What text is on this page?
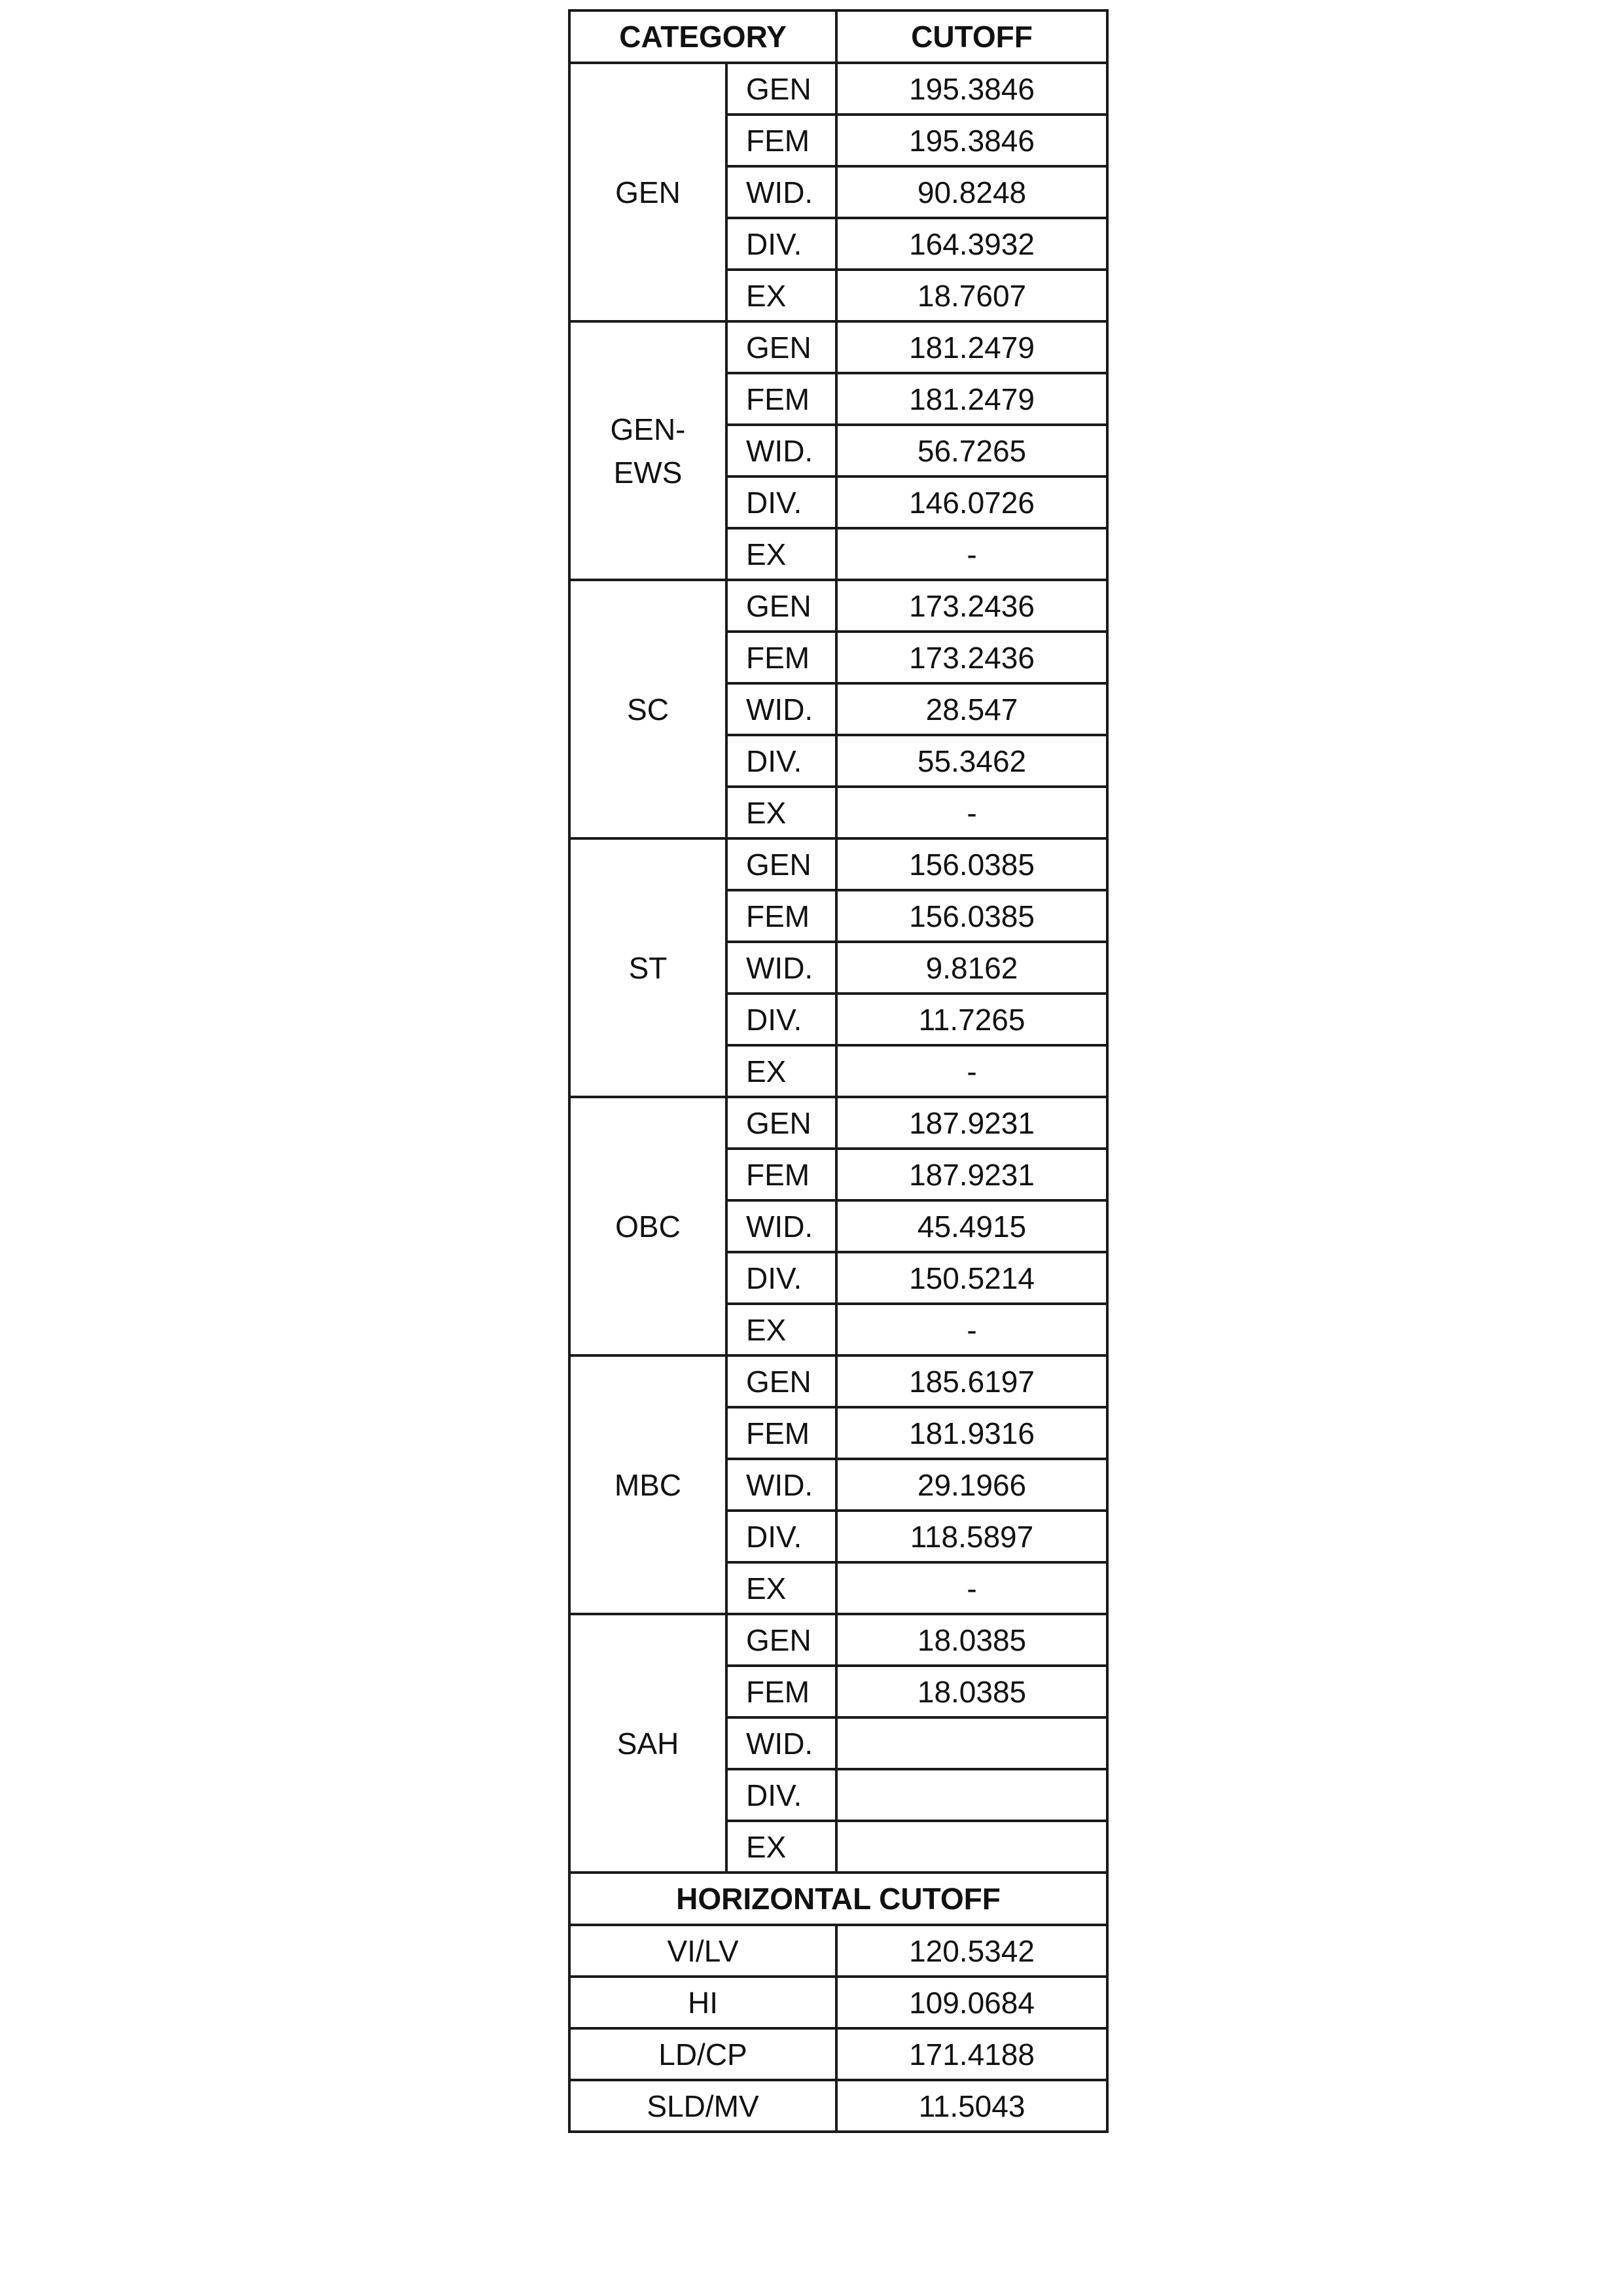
CATEGORY		CUTOFF
GEN	GEN	195.3846
	FEM	195.3846
	WID.	90.8248
	DIV.	164.3932
	EX	18.7607
GEN-
EWS	GEN	181.2479
	FEM	181.2479
	WID.	56.7265
	DIV.	146.0726
	EX	-
SC	GEN	173.2436
	FEM	173.2436
	WID.	28.547
	DIV.	55.3462
	EX	-
ST	GEN	156.0385
	FEM	156.0385
	WID.	9.8162
	DIV.	11.7265
	EX	-
OBC	GEN	187.9231
	FEM	187.9231
	WID.	45.4915
	DIV.	150.5214
	EX	-
MBC	GEN	185.6197
	FEM	181.9316
	WID.	29.1966
	DIV.	118.5897
	EX	-
SAH	GEN	18.0385
	FEM	18.0385
	WID.	
	DIV.	
	EX	
HORIZONTAL CUTOFF		
VI/LV		120.5342
HI		109.0684
LD/CP		171.4188
SLD/MV		11.5043
